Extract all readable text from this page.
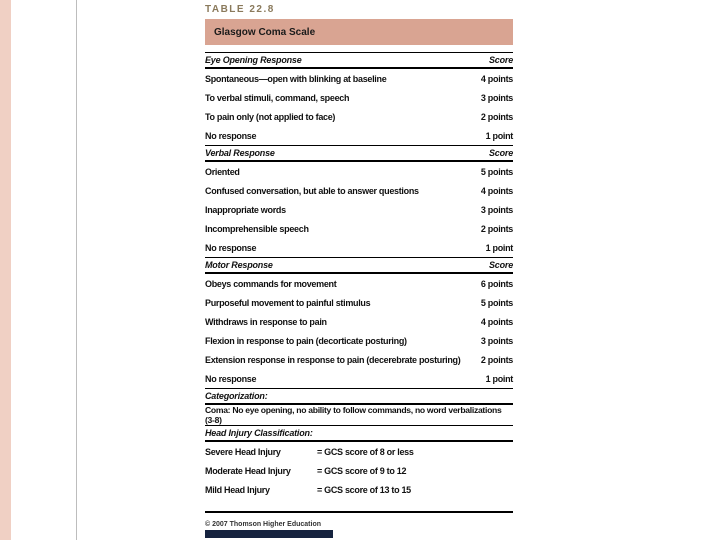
TABLE 22.8
Glasgow Coma Scale
Eye Opening Response	Score
Spontaneous—open with blinking at baseline	4 points
To verbal stimuli, command, speech	3 points
To pain only (not applied to face)	2 points
No response	1 point
Verbal Response	Score
Oriented	5 points
Confused conversation, but able to answer questions	4 points
Inappropriate words	3 points
Incomprehensible speech	2 points
No response	1 point
Motor Response	Score
Obeys commands for movement	6 points
Purposeful movement to painful stimulus	5 points
Withdraws in response to pain	4 points
Flexion in response to pain (decorticate posturing)	3 points
Extension response in response to pain (decerebrate posturing)	2 points
No response	1 point
Categorization:
Coma: No eye opening, no ability to follow commands, no word verbalizations (3-8)
Head Injury Classification:
Severe Head Injury	= GCS score of 8 or less
Moderate Head Injury	= GCS score of 9 to 12
Mild Head Injury	= GCS score of 13 to 15
© 2007 Thomson Higher Education
